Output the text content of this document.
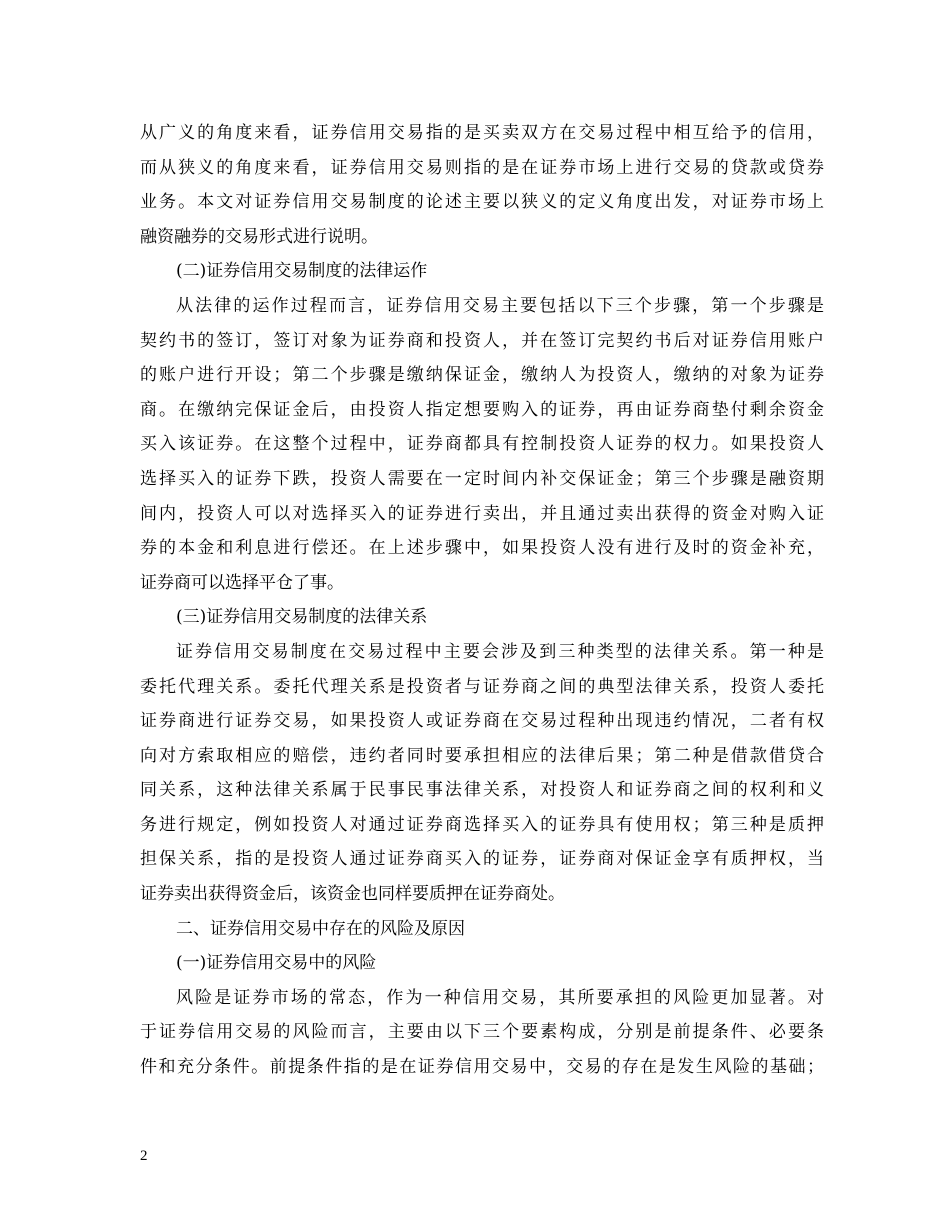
从广义的角度来看，证券信用交易指的是买卖双方在交易过程中相互给予的信用，
而从狭义的角度来看，证券信用交易则指的是在证券市场上进行交易的贷款或贷券
业务。本文对证券信用交易制度的论述主要以狭义的定义角度出发，对证券市场上
融资融券的交易形式进行说明。
(二)证券信用交易制度的法律运作
从法律的运作过程而言，证券信用交易主要包括以下三个步骤，第一个步骤是
契约书的签订，签订对象为证券商和投资人，并在签订完契约书后对证券信用账户
的账户进行开设；第二个步骤是缴纳保证金，缴纳人为投资人，缴纳的对象为证券
商。在缴纳完保证金后，由投资人指定想要购入的证券，再由证券商垫付剩余资金
买入该证券。在这整个过程中，证券商都具有控制投资人证券的权力。如果投资人
选择买入的证券下跌，投资人需要在一定时间内补交保证金；第三个步骤是融资期
间内，投资人可以对选择买入的证券进行卖出，并且通过卖出获得的资金对购入证
券的本金和利息进行偿还。在上述步骤中，如果投资人没有进行及时的资金补充，
证券商可以选择平仓了事。
(三)证券信用交易制度的法律关系
证券信用交易制度在交易过程中主要会涉及到三种类型的法律关系。第一种是
委托代理关系。委托代理关系是投资者与证券商之间的典型法律关系，投资人委托
证券商进行证券交易，如果投资人或证券商在交易过程种出现违约情况，二者有权
向对方索取相应的赔偿，违约者同时要承担相应的法律后果；第二种是借款借贷合
同关系，这种法律关系属于民事民事法律关系，对投资人和证券商之间的权利和义
务进行规定，例如投资人对通过证券商选择买入的证券具有使用权；第三种是质押
担保关系，指的是投资人通过证券商买入的证券，证券商对保证金享有质押权，当
证券卖出获得资金后，该资金也同样要质押在证券商处。
二、证券信用交易中存在的风险及原因
(一)证券信用交易中的风险
风险是证券市场的常态，作为一种信用交易，其所要承担的风险更加显著。对
于证券信用交易的风险而言，主要由以下三个要素构成，分别是前提条件、必要条
件和充分条件。前提条件指的是在证券信用交易中，交易的存在是发生风险的基础；
2
